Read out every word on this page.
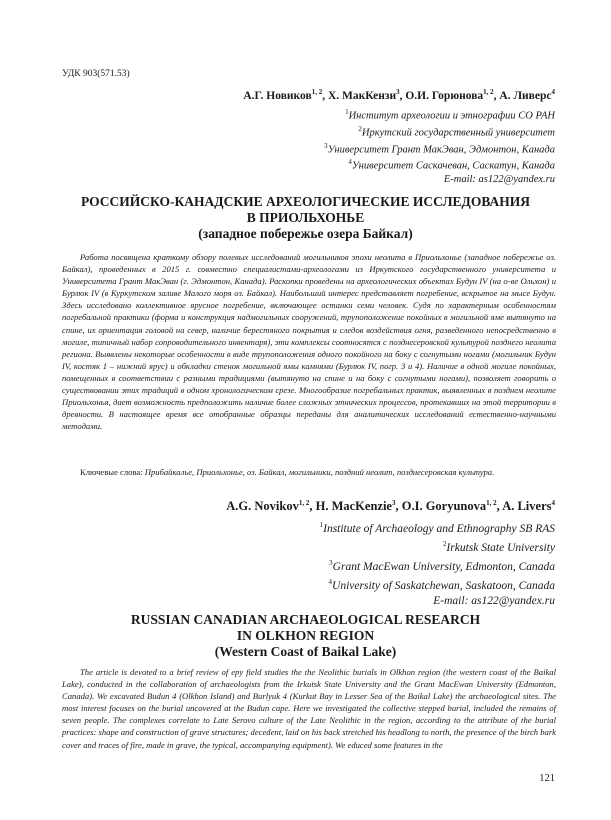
УДК 903(571.53)
А.Г. Новиков$^{1, 2}$, Х. МакКензи$^3$, О.И. Горюнова$^{1, 2}$, А. Ливерс$^4$
$^1$Институт археологии и этнографии СО РАН
$^2$Иркутский государственный университет
$^3$Университет Грант МакЭван, Эдмонтон, Канада
$^4$Университет Саскачеван, Саскатун, Канада
E-mail: as122@yandex.ru
РОССИЙСКО-КАНАДСКИЕ АРХЕОЛОГИЧЕСКИЕ ИССЛЕДОВАНИЯ
В ПРИОЛЬХОНЬЕ
(западное побережье озера Байкал)
Работа посвящена краткому обзору полевых исследований могильников эпохи неолита в Приольхонье (западное побережье оз. Байкал), проведенных в 2015 г. совместно специалистами-археологами из Иркутского государственного университета и Университета Грант МакЭван (г. Эдмонтон, Канада). Раскопки проведены на археологических объектах Будун IV (на о-ве Ольхон) и Бурлюк IV (в Куркутском заливе Малого моря оз. Байкал). Наибольший интерес представляет погребение, вскрытое на мысе Будун. Здесь исследовано коллективное ярусное погребение, включающее останки семи человек. Судя по характерным особенностям погребальной практики (форма и конструкция надмогильных сооружений, трупоположение покойных в могильной яме вытянуто на спине, их ориентация головой на север, наличие берестяного покрытия и следов воздействия огня, разведенного непосредственно в могиле, типичный набор сопроводительного инвентаря), эти комплексы соотносятся с позднесеровской культурой позднего неолита региона. Выявлены некоторые особенности в виде трупоположения одного покойного на боку с согнутыми ногами (могильник Будун IV, костяк 1 – нижний ярус) и обкладки стенок могильной ямы камнями (Бурлюк IV, погр. 3 и 4). Наличие в одной могиле покойных, помещенных в соответствии с разными традициями (вытянуто на спине и на боку с согнутыми ногами), позволяет говорить о существовании этих традиций в одном хронологическом срезе. Многообразие погребальных практик, выявленных в позднем неолите Приольхонья, дает возможность предположить наличие более сложных этнических процессов, протекавших на этой территории в древности. В настоящее время все отобранные образцы переданы для аналитических исследований естественно-научными методами.
Ключевые слова: Прибайкалье, Приольхонье, оз. Байкал, могильники, поздний неолит, позднесеровская культура.
A.G. Novikov$^{1, 2}$, H. MacKenzie$^3$, O.I. Goryunova$^{1, 2}$, A. Livers$^4$
$^1$Institute of Archaeology and Ethnography SB RAS
$^2$Irkutsk State University
$^3$Grant MacEwan University, Edmonton, Canada
$^4$University of Saskatchewan, Saskatoon, Canada
E-mail: as122@yandex.ru
RUSSIAN CANADIAN ARCHAEOLOGICAL RESEARCH
IN OLKHON REGION
(Western Coast of Baikal Lake)
The article is devoted to a brief review of epy field studies the the Neolithic burials in Olkhon region (the western coast of the Baikal Lake), conducted in the collaboration of archaeologists from the Irkutsk State University and the Grant MacEwan University (Edmonton, Canada). We excavated Budun 4 (Olkhon Island) and Burlyuk 4 (Kurkut Bay in Lesser Sea of the Baikal Lake) the archaeological sites. The most interest focuses on the burial uncovered at the Budun cape. Here we investigated the collective stepped burial, included the remains of seven people. The complexes correlate to Late Serovo culture of the Late Neolithic in the region, according to the attribute of the burial practices: shape and construction of grave structures; decedent, laid on his back stretched his headlong to north, the presence of the birch bark cover and traces of fire, made in grave, the typical, accompanying equipment). We educed some features in the
121
